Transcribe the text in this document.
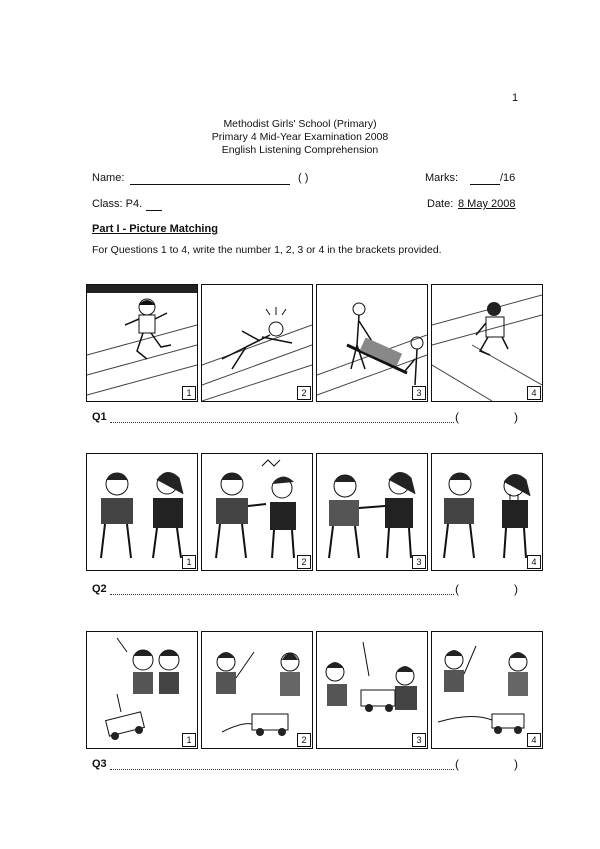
1
Methodist Girls' School (Primary)
Primary 4 Mid-Year Examination 2008
English Listening Comprehension
Name:	( )	Marks:	/16
Class: P4.	Date: 8 May 2008
Part I - Picture Matching
For Questions 1 to 4, write the number 1, 2, 3 or 4 in the brackets provided.
1	2	3	4
Q1	(	)
1	2	3	4
Q2	(	)
1	2	3	4
Q3	(	)
